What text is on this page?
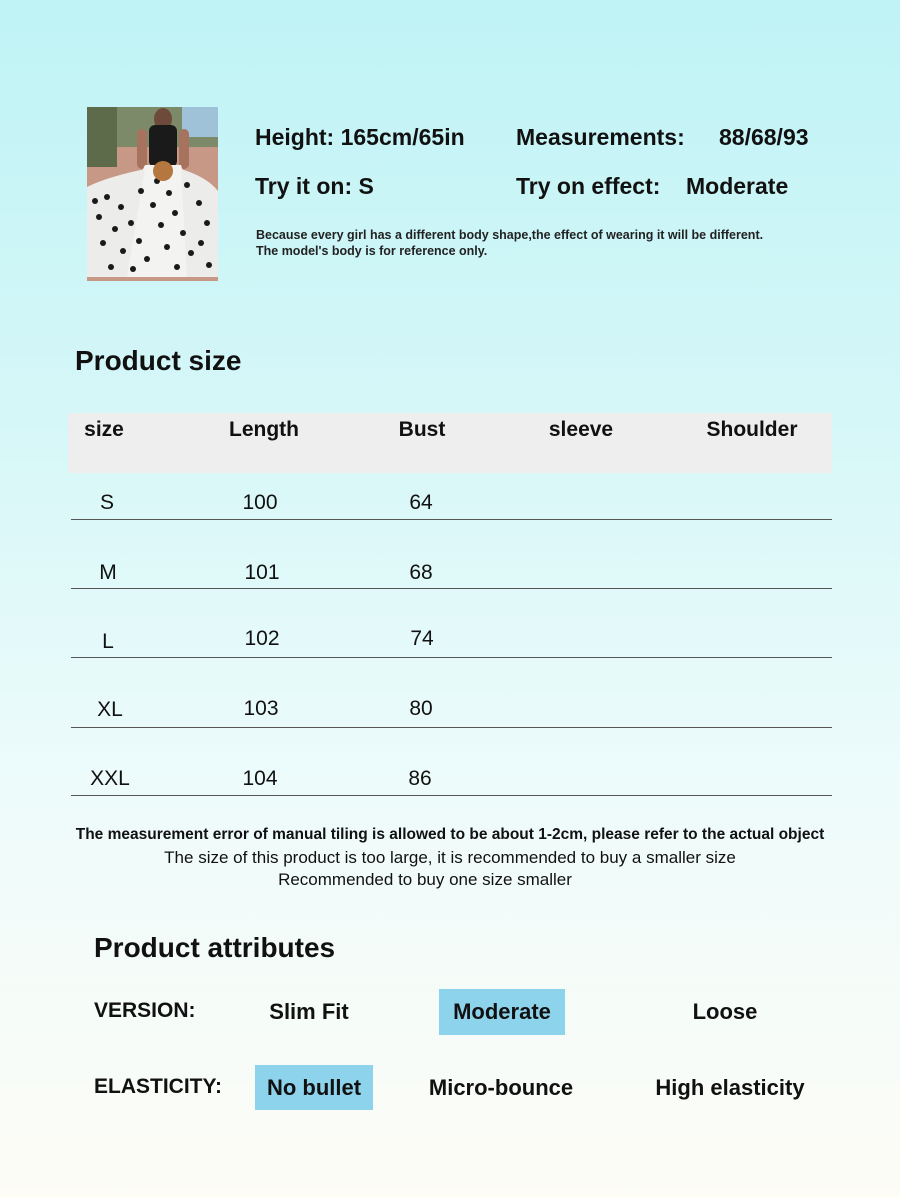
Height: 165cm/65in Measurements: 88/68/93
Try it on: S	Try on effect: Moderate
Because every girl has a different body shape,the effect of wearing it will be different.
The model's body is for reference only.
Product size
size	Length	Bust	sleeve	Shoulder
S	100	64
M	101	68
L	102	74
XL	103	80
XXL	104	86
The measurement error of manual tiling is allowed to be about 1-2cm, please refer to the actual object
The size of this product is too large, it is recommended to buy a smaller size
Recommended to buy one size smaller
Product attributes
VERSION:	Slim Fit	Moderate	Loose
ELASTICITY:	No bullet	Micro-bounce	High elasticity
